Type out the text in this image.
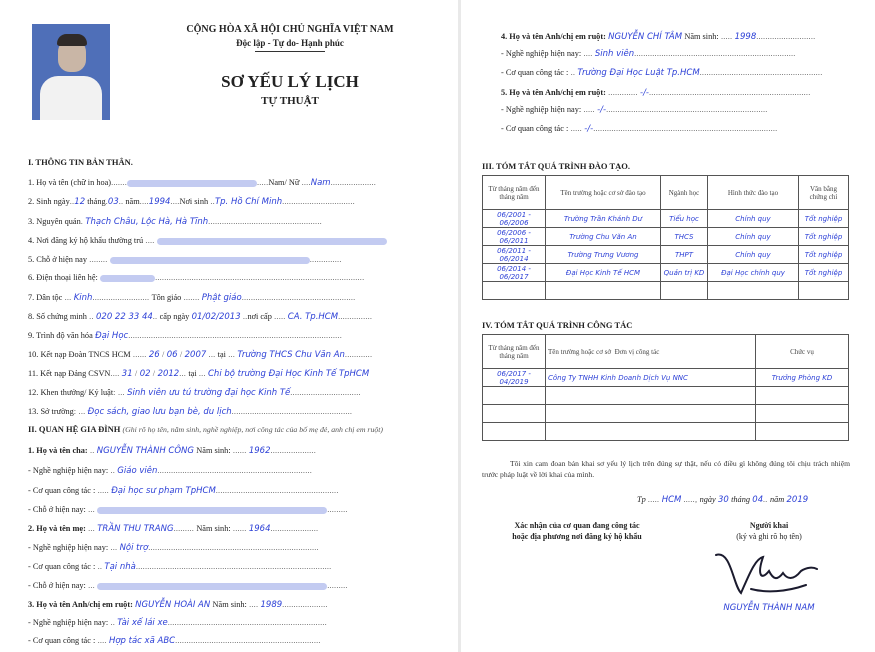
CỘNG HÒA XÃ HỘI CHỦ NGHĨA VIỆT NAM
Độc lập - Tự do- Hạnh phúc
SƠ YẾU LÝ LỊCH
TỰ THUẬT
I. THÔNG TIN BẢN THÂN.
1. Họ và tên (chữ in hoa).......	.....Nam/ Nữ ....Nam....................
2. Sinh ngày..12 tháng.03.. năm....1994....Nơi sinh ..Tp. Hồ Chí Minh................................
3. Nguyên quán. Thạch Châu, Lộc Hà, Hà Tĩnh..................................................
4. Nơi đăng ký hộ khẩu thường trú ....
5. Chỗ ở hiện nay ........	..............
6. Điện thoại liên hệ:	............................................................................................
7. Dân tộc ... Kinh......................... Tôn giáo ....... Phật giáo..................................................
8. Số chứng minh .. 020 22 33 44.. cấp ngày 01/02/2013 ..nơi cấp ..... CA. Tp.HCM...............
9. Trình độ văn hóa Đại Học..............................................................................................
10. Kết nạp Đoàn TNCS HCM ...... 26 / 06 / 2007 ... tại ... Trường THCS Chu Văn An............
11. Kết nạp Đảng CSVN.... 31 / 02 / 2012... tại ... Chi bộ trường Đại Học Kinh Tế TpHCM
12. Khen thưởng/ Kỷ luật: ... Sinh viên ưu tú trường đại học Kinh Tế...............................
13. Sở trường: ... Đọc sách, giao lưu bạn bè, du lịch.....................................................
II. QUAN HỆ GIA ĐÌNH (Ghi rõ họ tên, năm sinh, nghề nghiệp, nơi công tác của bố mẹ đẻ, anh chị em ruột)
1. Họ và tên cha: .. NGUYỄN THÀNH CÔNG Năm sinh: ...... 1962....................
- Nghề nghiệp hiện nay: .. Giáo viên....................................................................
- Cơ quan công tác : ..... Đại học sư phạm TpHCM......................................................
- Chỗ ở hiện nay: ...	.........
2. Họ và tên mẹ: ... TRẦN THU TRANG......... Năm sinh: ...... 1964.....................
- Nghề nghiệp hiện nay: ... Nội trợ...........................................................................
- Cơ quan công tác : .. Tại nhà......................................................................................
- Chỗ ở hiện nay: ...	.........
3. Họ và tên Anh/chị em ruột: NGUYỄN HOÀI AN Năm sinh: .... 1989....................
- Nghề nghiệp hiện nay: .. Tài xế lái xe......................................................................
- Cơ quan công tác : .... Hợp tác xã ABC................................................................
4. Họ và tên Anh/chị em ruột: NGUYỄN CHÍ TÂM Năm sinh: ..... 1998..........................
- Nghề nghiệp hiện nay: .... Sinh viên.......................................................................
- Cơ quan công tác : .. Trường Đại Học Luật Tp.HCM......................................................
5. Họ và tên Anh/chị em ruột: ............. -/-.......................................................................
- Nghề nghiệp hiện nay: ..... -/-.......................................................................
- Cơ quan công tác : ..... -/-.................................................................................
III. TÓM TẮT QUÁ TRÌNH ĐÀO TẠO.
Từ tháng năm đến tháng năm	Tên trường hoặc cơ sở đào tạo	Ngành học	Hình thức đào tạo	Văn bằng chứng chỉ
06/2001 - 06/2006	Trường Trần Khánh Dư	Tiểu học	Chính quy	Tốt nghiệp
06/2006 - 06/2011	Trường Chu Văn An	THCS	Chính quy	Tốt nghiệp
06/2011 - 06/2014	Trường Trưng Vương	THPT	Chính quy	Tốt nghiệp
06/2014 - 06/2017	Đại Học Kinh Tế HCM	Quản trị KD	Đại Học chính quy	Tốt nghiệp

IV. TÓM TẮT QUÁ TRÌNH CÔNG TÁC
Từ tháng năm đến tháng năm	Tên trường hoặc cơ sở Đơn vị công tác	Chức vụ
06/2017 - 04/2019	Công Ty TNHH Kinh Doanh Dịch Vụ NNC	Trưởng Phòng KD

Tôi xin cam đoan bản khai sơ yếu lý lịch trên đúng sự thật, nếu có điều gì không đúng tôi chịu trách nhiệm trước pháp luật về lời khai của mình.
Tp ..... HCM ....., ngày 30 tháng 04.. năm 2019
Xác nhận của cơ quan đang công tác
hoặc địa phương nơi đăng ký hộ khẩu
Người khai
(ký và ghi rõ họ tên)
NGUYỄN THÀNH NAM
